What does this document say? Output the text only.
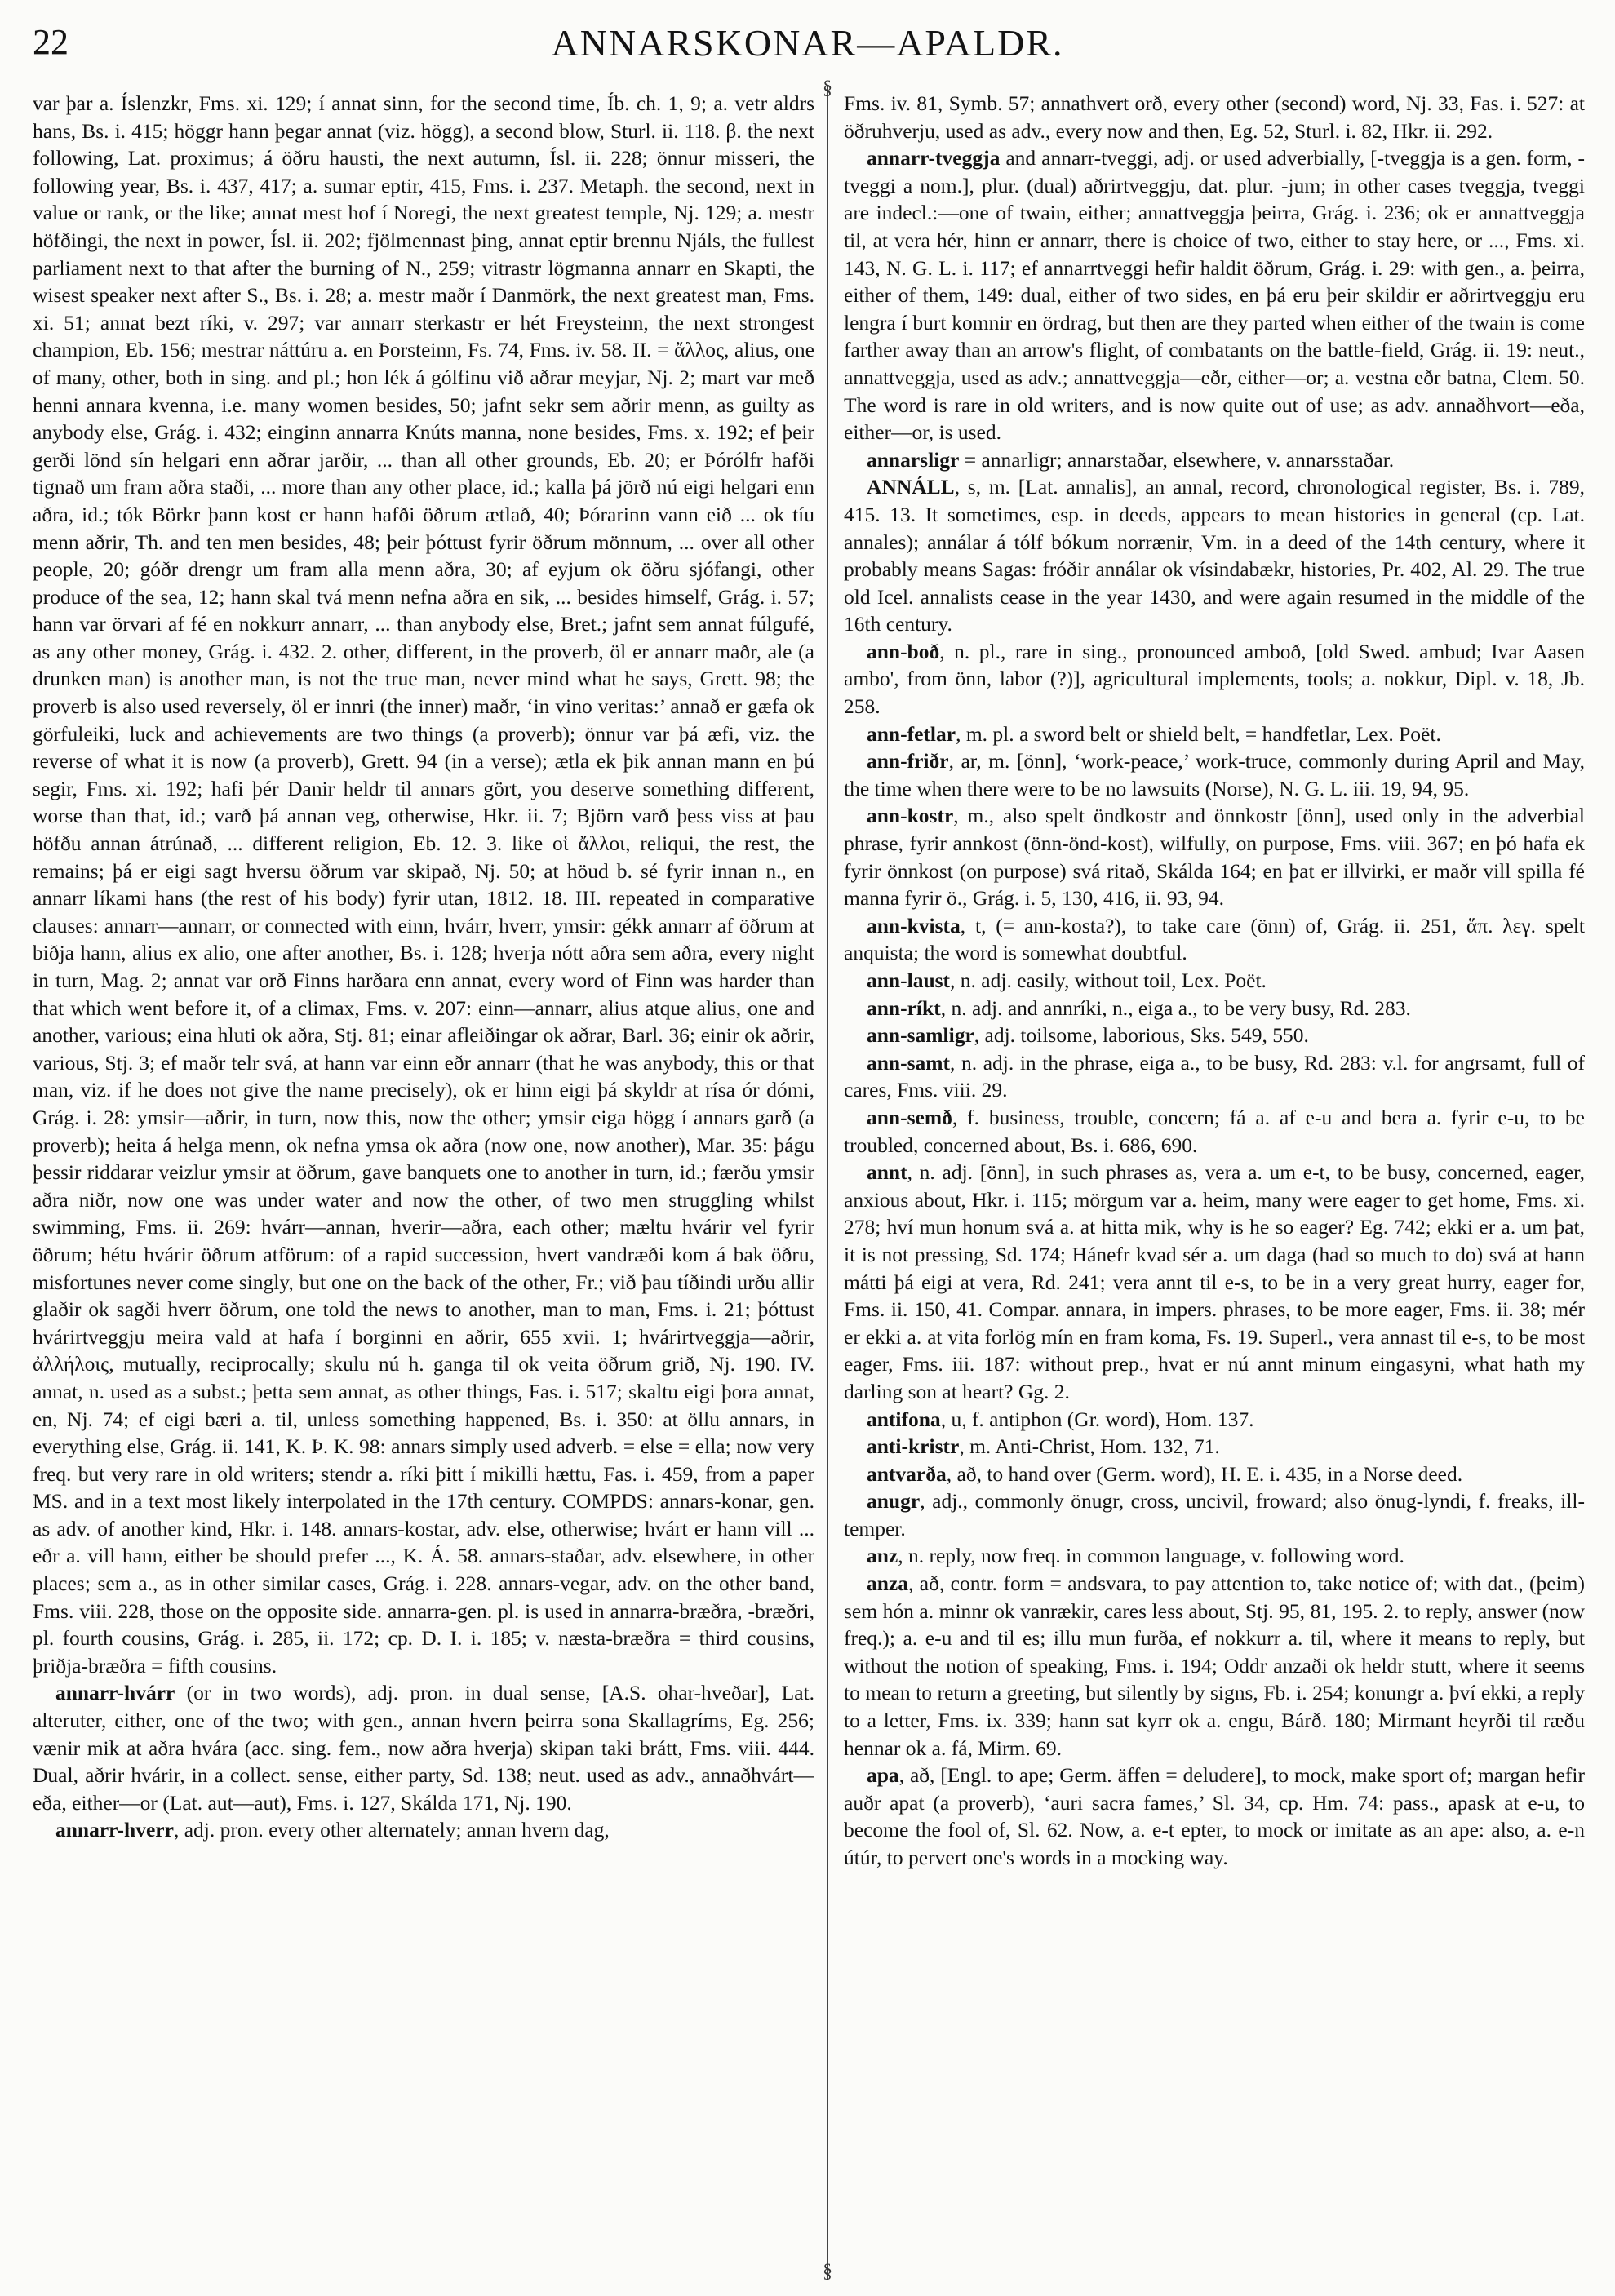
22	ANNARSKONAR—APALDR.
§
§

var þar a. Íslenzkr, Fms. xi. 129; í annat sinn, for the second time, Íb. ch. 1, 9; a. vetr aldrs hans, Bs. i. 415; höggr hann þegar annat (viz. högg), a second blow, Sturl. ii. 118. β. the next following, Lat. proximus; á öðru hausti, the next autumn, Ísl. ii. 228; önnur misseri, the following year, Bs. i. 437, 417; a. sumar eptir, 415, Fms. i. 237. Metaph. the second, next in value or rank, or the like; annat mest hof í Noregi, the next greatest temple, Nj. 129; a. mestr höfðingi, the next in power, Ísl. ii. 202; fjölmennast þing, annat eptir brennu Njáls, the fullest parliament next to that after the burning of N., 259; vitrastr lögmanna annarr en Skapti, the wisest speaker next after S., Bs. i. 28; a. mestr maðr í Danmörk, the next greatest man, Fms. xi. 51; annat bezt ríki, v. 297; var annarr sterkastr er hét Freysteinn, the next strongest champion, Eb. 156; mestrar náttúru a. en Þorsteinn, Fs. 74, Fms. iv. 58. II. = ἄλλος, alius, one of many, other, both in sing. and pl.; hon lék á gólfinu við aðrar meyjar, Nj. 2; mart var með henni annara kvenna, i.e. many women besides, 50; jafnt sekr sem aðrir menn, as guilty as anybody else, Grág. i. 432; einginn annarra Knúts manna, none besides, Fms. x. 192; ef þeir gerði lönd sín helgari enn aðrar jarðir, ... than all other grounds, Eb. 20; er Þórólfr hafði tignað um fram aðra staði, ... more than any other place, id.; kalla þá jörð nú eigi helgari enn aðra, id.; tók Börkr þann kost er hann hafði öðrum ætlað, 40; Þórarinn vann eið ... ok tíu menn aðrir, Th. and ten men besides, 48; þeir þóttust fyrir öðrum mönnum, ... over all other people, 20; góðr drengr um fram alla menn aðra, 30; af eyjum ok öðru sjófangi, other produce of the sea, 12; hann skal tvá menn nefna aðra en sik, ... besides himself, Grág. i. 57; hann var örvari af fé en nokkurr annarr, ... than anybody else, Bret.; jafnt sem annat fúlgufé, as any other money, Grág. i. 432. 2. other, different, in the proverb, öl er annarr maðr, ale (a drunken man) is another man, is not the true man, never mind what he says, Grett. 98; the proverb is also used reversely, öl er innri (the inner) maðr, ‘in vino veritas:’ annað er gæfa ok görfuleiki, luck and achievements are two things (a proverb); önnur var þá æfi, viz. the reverse of what it is now (a proverb), Grett. 94 (in a verse); ætla ek þik annan mann en þú segir, Fms. xi. 192; hafi þér Danir heldr til annars gört, you deserve something different, worse than that, id.; varð þá annan veg, otherwise, Hkr. ii. 7; Björn varð þess viss at þau höfðu annan átrúnað, ... different religion, Eb. 12. 3. like οἱ ἄλλοι, reliqui, the rest, the remains; þá er eigi sagt hversu öðrum var skipað, Nj. 50; at höud b. sé fyrir innan n., en annarr líkami hans (the rest of his body) fyrir utan, 1812. 18. III. repeated in comparative clauses: annarr—annarr, or connected with einn, hvárr, hverr, ymsir: gékk annarr af öðrum at biðja hann, alius ex alio, one after another, Bs. i. 128; hverja nótt aðra sem aðra, every night in turn, Mag. 2; annat var orð Finns harðara enn annat, every word of Finn was harder than that which went before it, of a climax, Fms. v. 207: einn—annarr, alius atque alius, one and another, various; eina hluti ok aðra, Stj. 81; einar afleiðingar ok aðrar, Barl. 36; einir ok aðrir, various, Stj. 3; ef maðr telr svá, at hann var einn eðr annarr (that he was anybody, this or that man, viz. if he does not give the name precisely), ok er hinn eigi þá skyldr at rísa ór dómi, Grág. i. 28: ymsir—aðrir, in turn, now this, now the other; ymsir eiga högg í annars garð (a proverb); heita á helga menn, ok nefna ymsa ok aðra (now one, now another), Mar. 35: þágu þessir riddarar veizlur ymsir at öðrum, gave banquets one to another in turn, id.; færðu ymsir aðra niðr, now one was under water and now the other, of two men struggling whilst swimming, Fms. ii. 269: hvárr—annan, hverir—aðra, each other; mæltu hvárir vel fyrir öðrum; hétu hvárir öðrum atförum: of a rapid succession, hvert vandræði kom á bak öðru, misfortunes never come singly, but one on the back of the other, Fr.; við þau tíðindi urðu allir glaðir ok sagði hverr öðrum, one told the news to another, man to man, Fms. i. 21; þóttust hvárirtveggju meira vald at hafa í borginni en aðrir, 655 xvii. 1; hvárirtveggja—aðrir, ἀλλήλοις, mutually, reciprocally; skulu nú h. ganga til ok veita öðrum grið, Nj. 190. IV. annat, n. used as a subst.; þetta sem annat, as other things, Fas. i. 517; skaltu eigi þora annat, en, Nj. 74; ef eigi bæri a. til, unless something happened, Bs. i. 350: at öllu annars, in everything else, Grág. ii. 141, K. Þ. K. 98: annars simply used adverb. = else = ella; now very freq. but very rare in old writers; stendr a. ríki þitt í mikilli hættu, Fas. i. 459, from a paper MS. and in a text most likely interpolated in the 17th century. COMPDS: annars-konar, gen. as adv. of another kind, Hkr. i. 148. annars-kostar, adv. else, otherwise; hvárt er hann vill ... eðr a. vill hann, either be should prefer ..., K. Á. 58. annars-staðar, adv. elsewhere, in other places; sem a., as in other similar cases, Grág. i. 228. annars-vegar, adv. on the other band, Fms. viii. 228, those on the opposite side. annarra-gen. pl. is used in annarra-bræðra, -bræðri, pl. fourth cousins, Grág. i. 285, ii. 172; cp. D. I. i. 185; v. næsta-bræðra = third cousins, þriðja-bræðra = fifth cousins.

annarr-hvárr (or in two words), adj. pron. in dual sense, [A.S. ohar-hveðar], Lat. alteruter, either, one of the two; with gen., annan hvern þeirra sona Skallagríms, Eg. 256; vænir mik at aðra hvára (acc. sing. fem., now aðra hverja) skipan taki brátt, Fms. viii. 444. Dual, aðrir hvárir, in a collect. sense, either party, Sd. 138; neut. used as adv., annaðhvárt—eða, either—or (Lat. aut—aut), Fms. i. 127, Skálda 171, Nj. 190.

annarr-hverr, adj. pron. every other alternately; annan hvern dag,

Fms. iv. 81, Symb. 57; annathvert orð, every other (second) word, Nj. 33, Fas. i. 527: at öðruhverju, used as adv., every now and then, Eg. 52, Sturl. i. 82, Hkr. ii. 292.

annarr-tveggja and annarr-tveggi, adj. or used adverbially, [-tveggja is a gen. form, -tveggi a nom.], plur. (dual) aðrirtveggju, dat. plur. -jum; in other cases tveggja, tveggi are indecl.:—one of twain, either; annattveggja þeirra, Grág. i. 236; ok er annattveggja til, at vera hér, hinn er annarr, there is choice of two, either to stay here, or ..., Fms. xi. 143, N. G. L. i. 117; ef annarrtveggi hefir haldit öðrum, Grág. i. 29: with gen., a. þeirra, either of them, 149: dual, either of two sides, en þá eru þeir skildir er aðrirtveggju eru lengra í burt komnir en ördrag, but then are they parted when either of the twain is come farther away than an arrow's flight, of combatants on the battle-field, Grág. ii. 19: neut., annattveggja, used as adv.; annattveggja—eðr, either—or; a. vestna eðr batna, Clem. 50. The word is rare in old writers, and is now quite out of use; as adv. annaðhvort—eða, either—or, is used.

annarsligr = annarligr; annarstaðar, elsewhere, v. annarsstaðar.

ANNÁLL, s, m. [Lat. annalis], an annal, record, chronological register, Bs. i. 789, 415. 13. It sometimes, esp. in deeds, appears to mean histories in general (cp. Lat. annales); annálar á tólf bókum norrænir, Vm. in a deed of the 14th century, where it probably means Sagas: fróðir annálar ok vísindabækr, histories, Pr. 402, Al. 29. The true old Icel. annalists cease in the year 1430, and were again resumed in the middle of the 16th century.

ann-boð, n. pl., rare in sing., pronounced amboð, [old Swed. ambud; Ivar Aasen ambo', from önn, labor (?)], agricultural implements, tools; a. nokkur, Dipl. v. 18, Jb. 258.

ann-fetlar, m. pl. a sword belt or shield belt, = handfetlar, Lex. Poët.

ann-friðr, ar, m. [önn], ‘work-peace,’ work-truce, commonly during April and May, the time when there were to be no lawsuits (Norse), N. G. L. iii. 19, 94, 95.

ann-kostr, m., also spelt öndkostr and önnkostr [önn], used only in the adverbial phrase, fyrir annkost (önn-önd-kost), wilfully, on purpose, Fms. viii. 367; en þó hafa ek fyrir önnkost (on purpose) svá ritað, Skálda 164; en þat er illvirki, er maðr vill spilla fé manna fyrir ö., Grág. i. 5, 130, 416, ii. 93, 94.

ann-kvista, t, (= ann-kosta?), to take care (önn) of, Grág. ii. 251, ἅπ. λεγ. spelt anquista; the word is somewhat doubtful.

ann-laust, n. adj. easily, without toil, Lex. Poët.

ann-ríkt, n. adj. and annríki, n., eiga a., to be very busy, Rd. 283.

ann-samligr, adj. toilsome, laborious, Sks. 549, 550.

ann-samt, n. adj. in the phrase, eiga a., to be busy, Rd. 283: v.l. for angrsamt, full of cares, Fms. viii. 29.

ann-semð, f. business, trouble, concern; fá a. af e-u and bera a. fyrir e-u, to be troubled, concerned about, Bs. i. 686, 690.

annt, n. adj. [önn], in such phrases as, vera a. um e-t, to be busy, concerned, eager, anxious about, Hkr. i. 115; mörgum var a. heim, many were eager to get home, Fms. xi. 278; hví mun honum svá a. at hitta mik, why is he so eager? Eg. 742; ekki er a. um þat, it is not pressing, Sd. 174; Hánefr kvad sér a. um daga (had so much to do) svá at hann mátti þá eigi at vera, Rd. 241; vera annt til e-s, to be in a very great hurry, eager for, Fms. ii. 150, 41. Compar. annara, in impers. phrases, to be more eager, Fms. ii. 38; mér er ekki a. at vita forlög mín en fram koma, Fs. 19. Superl., vera annast til e-s, to be most eager, Fms. iii. 187: without prep., hvat er nú annt minum eingasyni, what hath my darling son at heart? Gg. 2.

antifona, u, f. antiphon (Gr. word), Hom. 137.

anti-kristr, m. Anti-Christ, Hom. 132, 71.

antvarða, að, to hand over (Germ. word), H. E. i. 435, in a Norse deed.

anugr, adj., commonly önugr, cross, uncivil, froward; also önug-lyndi, f. freaks, ill-temper.

anz, n. reply, now freq. in common language, v. following word.

anza, að, contr. form = andsvara, to pay attention to, take notice of; with dat., (þeim) sem hón a. minnr ok vanrækir, cares less about, Stj. 95, 81, 195. 2. to reply, answer (now freq.); a. e-u and til es; illu mun furða, ef nokkurr a. til, where it means to reply, but without the notion of speaking, Fms. i. 194; Oddr anzaði ok heldr stutt, where it seems to mean to return a greeting, but silently by signs, Fb. i. 254; konungr a. því ekki, a reply to a letter, Fms. ix. 339; hann sat kyrr ok a. engu, Bárð. 180; Mirmant heyrði til ræðu hennar ok a. fá, Mirm. 69.

apa, að, [Engl. to ape; Germ. äffen = deludere], to mock, make sport of; margan hefir auðr apat (a proverb), ‘auri sacra fames,’ Sl. 34, cp. Hm. 74: pass., apask at e-u, to become the fool of, Sl. 62. Now, a. e-t epter, to mock or imitate as an ape: also, a. e-n útúr, to pervert one's words in a mocking way.
